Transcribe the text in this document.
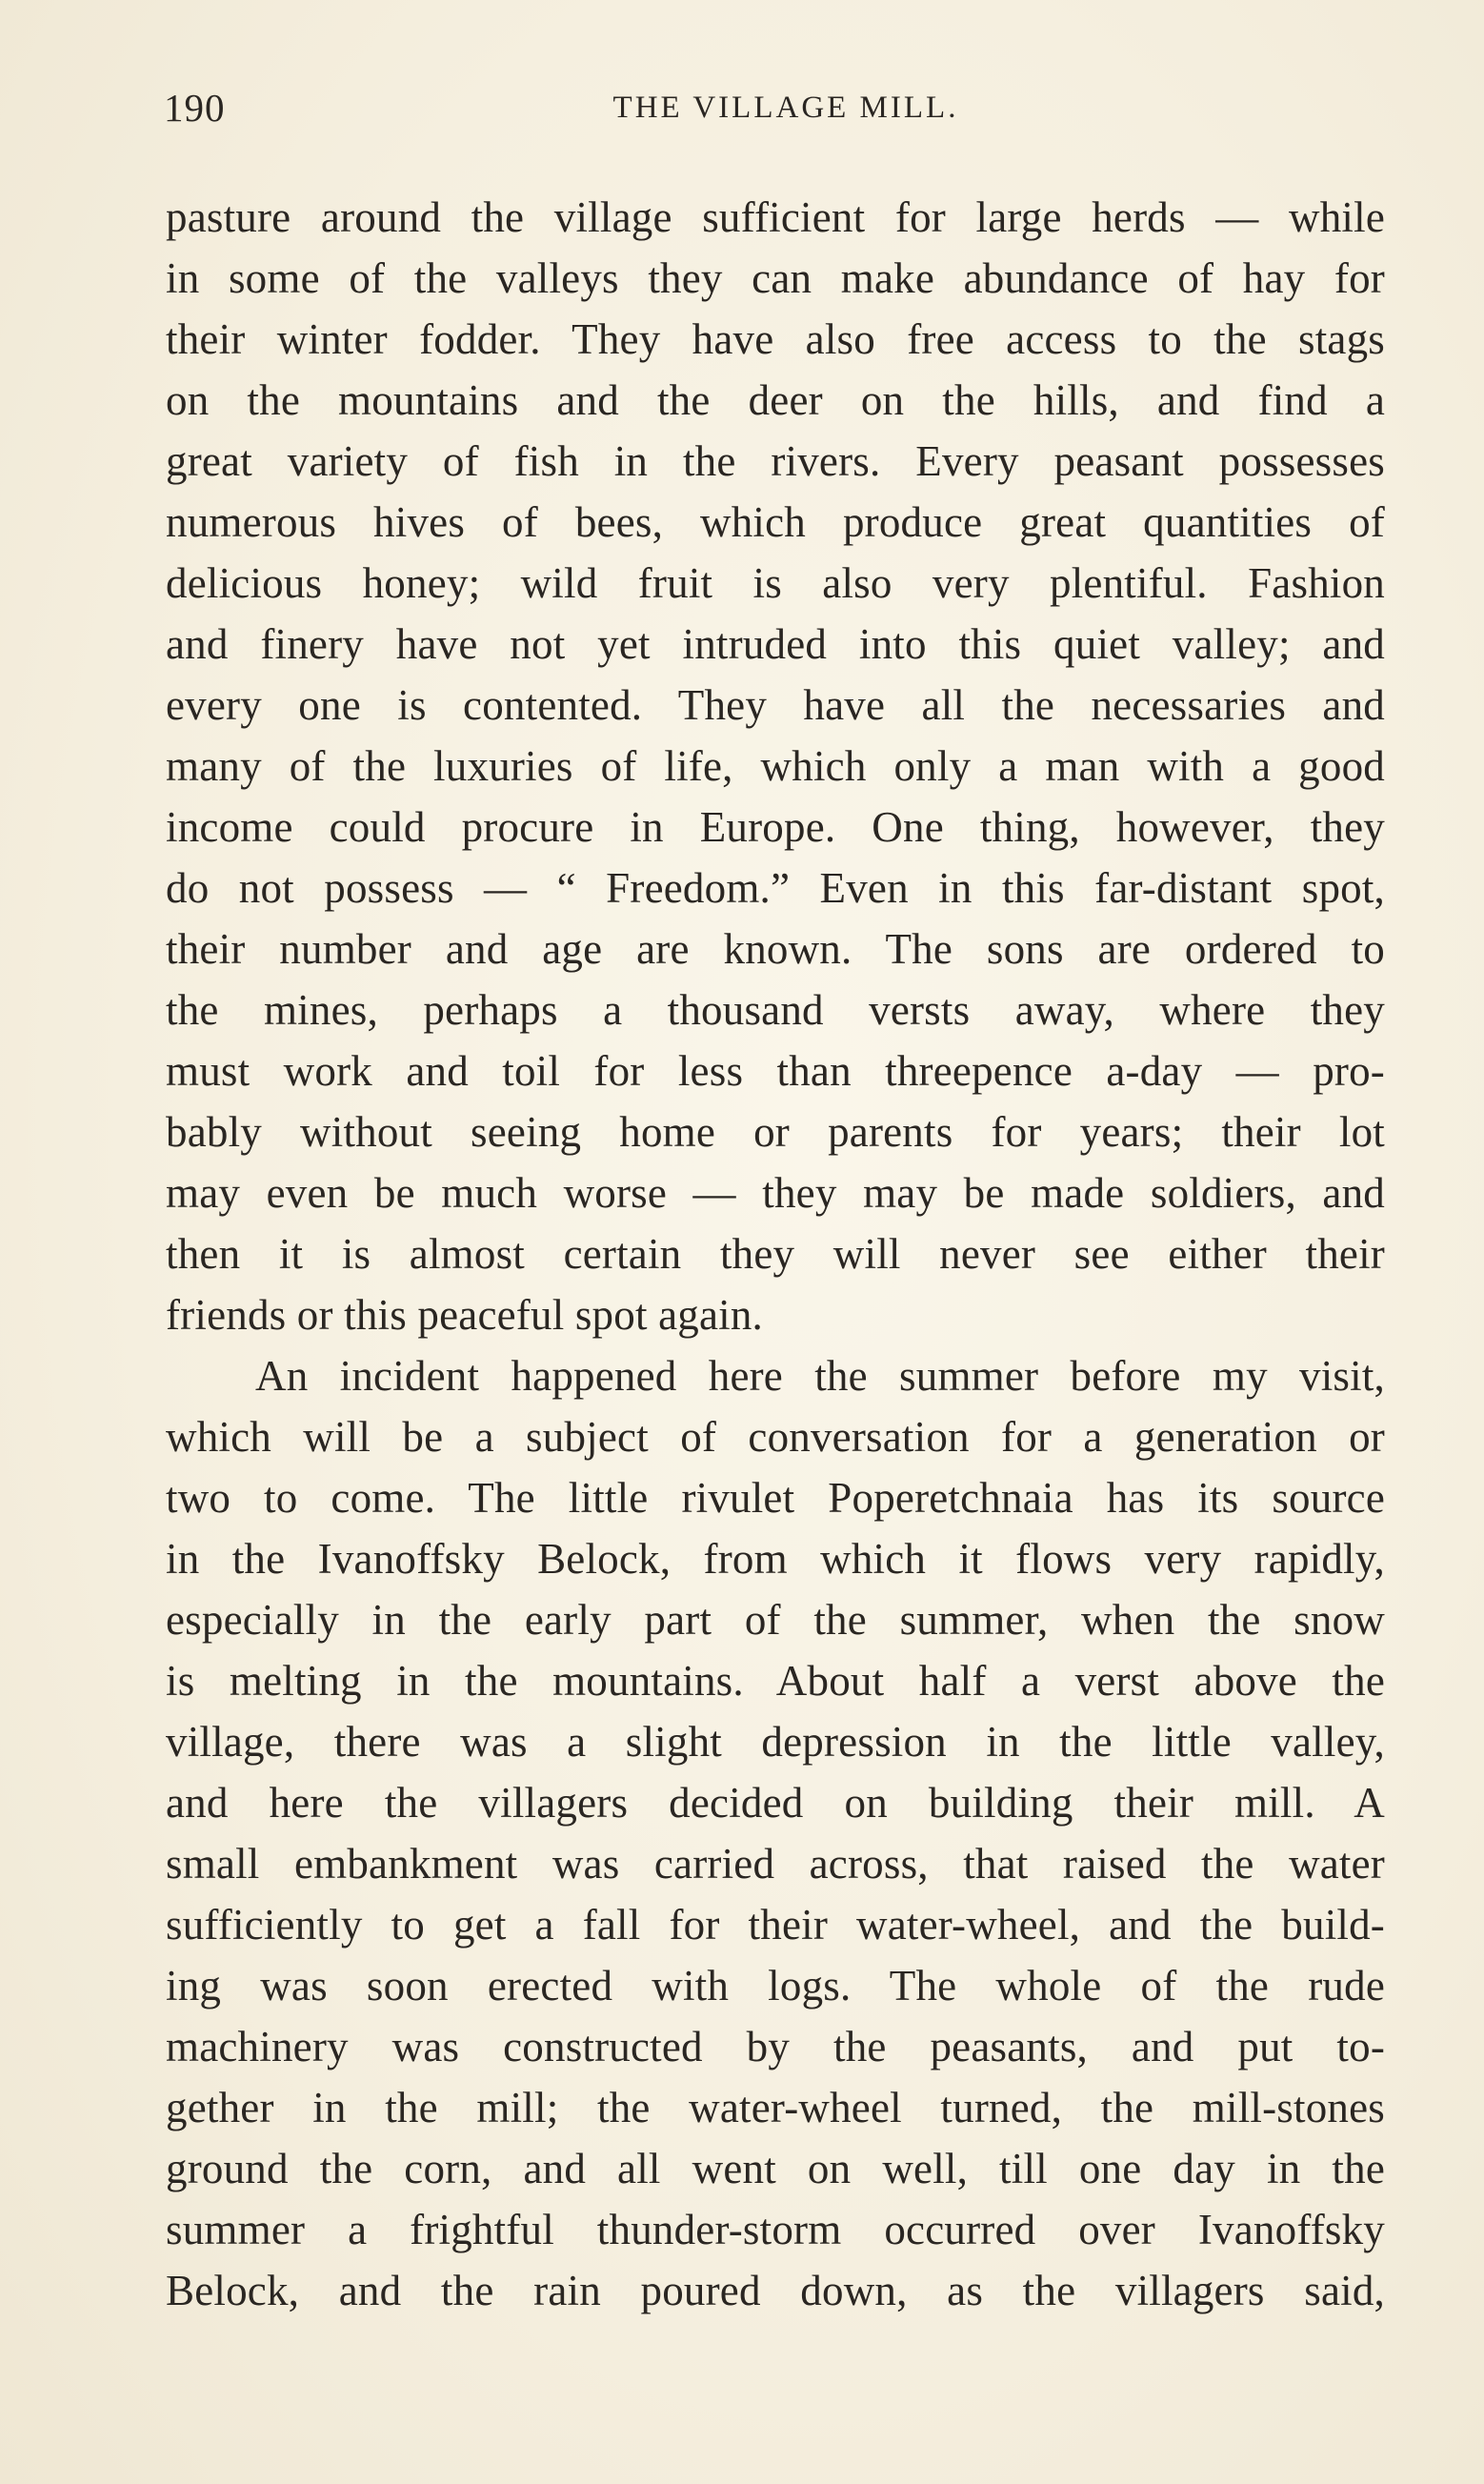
190	THE VILLAGE MILL.
pasture around the village sufficient for large herds — while
in some of the valleys they can make abundance of hay for
their winter fodder. They have also free access to the stags
on the mountains and the deer on the hills, and find a
great variety of fish in the rivers. Every peasant possesses
numerous hives of bees, which produce great quantities of
delicious honey; wild fruit is also very plentiful. Fashion
and finery have not yet intruded into this quiet valley; and
every one is contented. They have all the necessaries and
many of the luxuries of life, which only a man with a good
income could procure in Europe. One thing, however, they
do not possess — “ Freedom.” Even in this far-distant spot,
their number and age are known. The sons are ordered to
the mines, perhaps a thousand versts away, where they
must work and toil for less than threepence a-day — pro-
bably without seeing home or parents for years; their lot
may even be much worse — they may be made soldiers, and
then it is almost certain they will never see either their
friends or this peaceful spot again.
An incident happened here the summer before my visit,
which will be a subject of conversation for a generation or
two to come. The little rivulet Poperetchnaia has its source
in the Ivanoffsky Belock, from which it flows very rapidly,
especially in the early part of the summer, when the snow
is melting in the mountains. About half a verst above the
village, there was a slight depression in the little valley,
and here the villagers decided on building their mill. A
small embankment was carried across, that raised the water
sufficiently to get a fall for their water-wheel, and the build-
ing was soon erected with logs. The whole of the rude
machinery was constructed by the peasants, and put to-
gether in the mill; the water-wheel turned, the mill-stones
ground the corn, and all went on well, till one day in the
summer a frightful thunder-storm occurred over Ivanoffsky
Belock, and the rain poured down, as the villagers said,
